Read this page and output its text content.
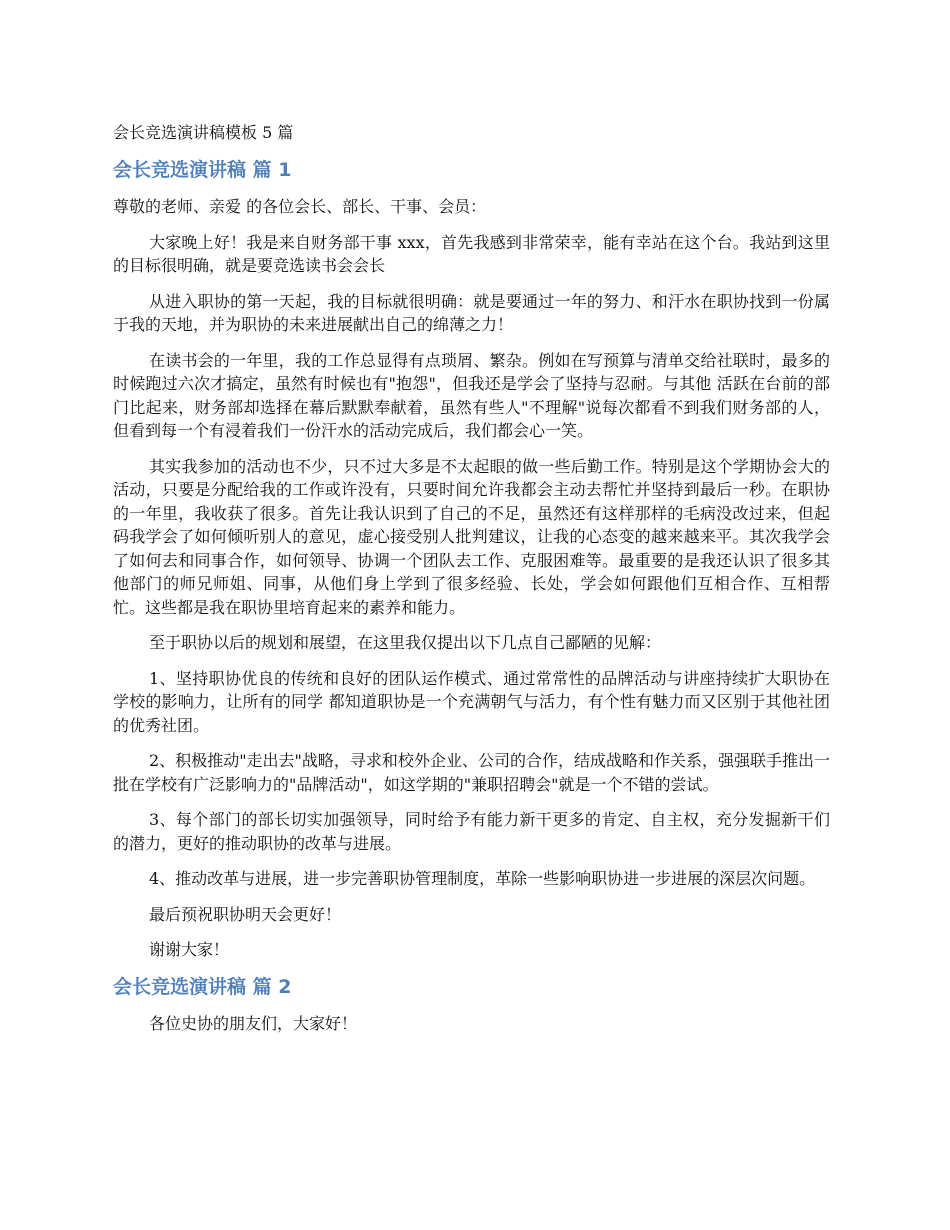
会长竞选演讲稿模板 5 篇
会长竞选演讲稿 篇 1

尊敬的老师、亲爱 的各位会长、部长、干事、会员：

大家晚上好！我是来自财务部干事 xxx，首先我感到非常荣幸，能有幸站在这个台。我站到这里的目标很明确，就是要竞选读书会会长

从进入职协的第一天起，我的目标就很明确：就是要通过一年的努力、和汗水在职协找到一份属于我的天地，并为职协的未来进展献出自己的绵薄之力！

在读书会的一年里，我的工作总显得有点琐屑、繁杂。例如在写预算与清单交给社联时，最多的时候跑过六次才搞定，虽然有时候也有"抱怨"，但我还是学会了坚持与忍耐。与其他 活跃在台前的部门比起来，财务部却选择在幕后默默奉献着，虽然有些人"不理解"说每次都看不到我们财务部的人，但看到每一个有浸着我们一份汗水的活动完成后，我们都会心一笑。

其实我参加的活动也不少，只不过大多是不太起眼的做一些后勤工作。特别是这个学期协会大的活动，只要是分配给我的工作或许没有，只要时间允许我都会主动去帮忙并坚持到最后一秒。在职协的一年里，我收获了很多。首先让我认识到了自己的不足，虽然还有这样那样的毛病没改过来，但起码我学会了如何倾听别人的意见，虚心接受别人批判建议，让我的心态变的越来越来平。其次我学会了如何去和同事合作，如何领导、协调一个团队去工作、克服困难等。最重要的是我还认识了很多其他部门的师兄师姐、同事，从他们身上学到了很多经验、长处，学会如何跟他们互相合作、互相帮忙。这些都是我在职协里培育起来的素养和能力。

至于职协以后的规划和展望，在这里我仅提出以下几点自己鄙陋的见解：

1、坚持职协优良的传统和良好的团队运作模式、通过常常性的品牌活动与讲座持续扩大职协在学校的影响力，让所有的同学 都知道职协是一个充满朝气与活力，有个性有魅力而又区别于其他社团的优秀社团。

2、积极推动"走出去"战略，寻求和校外企业、公司的合作，结成战略和作关系，强强联手推出一批在学校有广泛影响力的"品牌活动"，如这学期的"兼职招聘会"就是一个不错的尝试。

3、每个部门的部长切实加强领导，同时给予有能力新干更多的肯定、自主权，充分发掘新干们的潜力，更好的推动职协的改革与进展。

4、推动改革与进展，进一步完善职协管理制度，革除一些影响职协进一步进展的深层次问题。

最后预祝职协明天会更好！

谢谢大家！

会长竞选演讲稿 篇 2

各位史协的朋友们，大家好！
